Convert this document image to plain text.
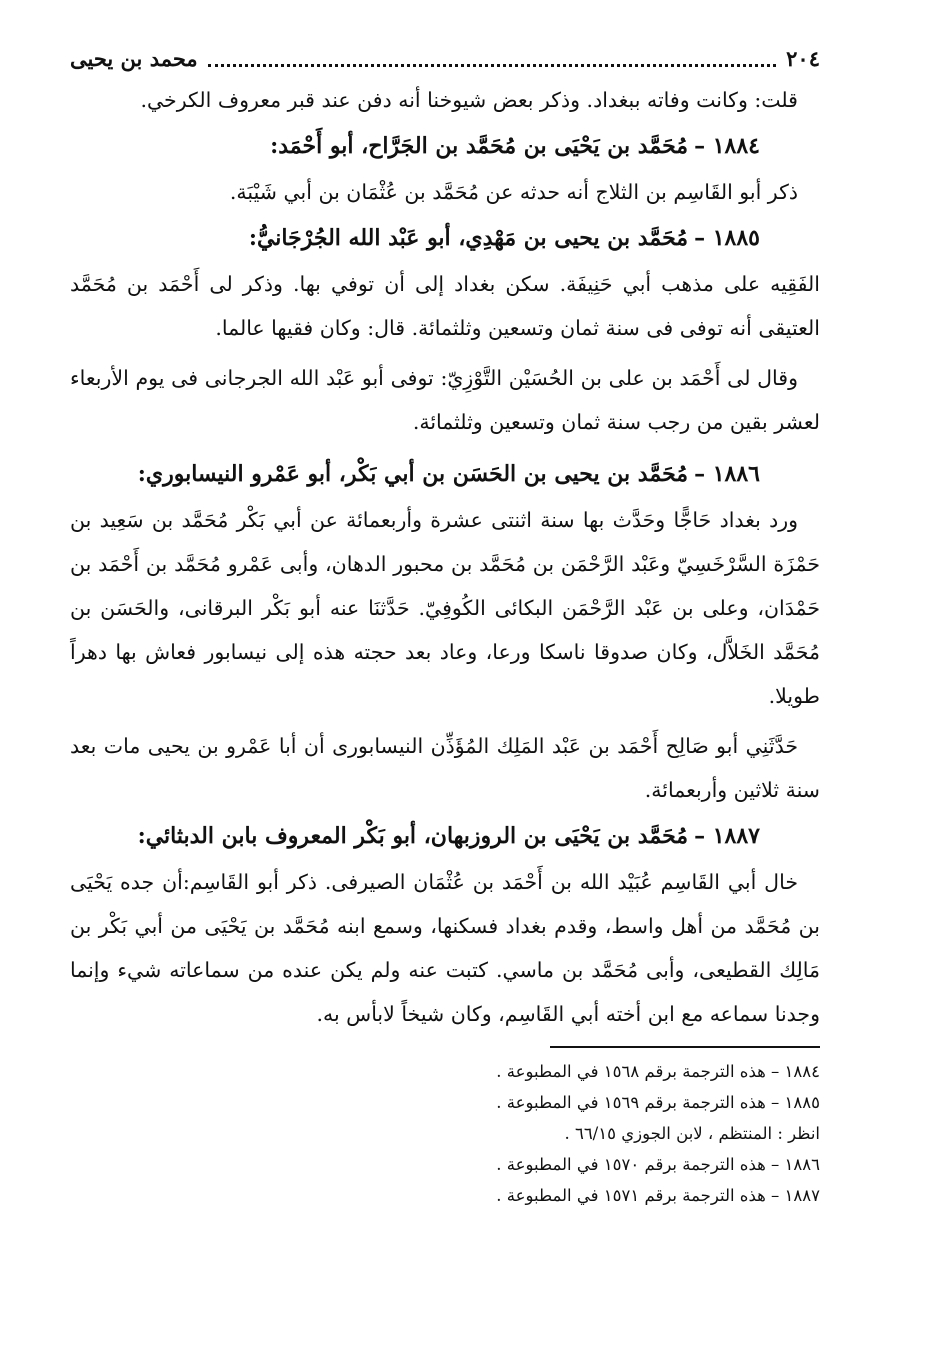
٢٠٤
محمد بن يحيى

قلت: وكانت وفاته ببغداد. وذكر بعض شيوخنا أنه دفن عند قبر معروف الكرخي.

١٨٨٤ –مُحَمَّد بن يَحْيَى بن مُحَمَّد بن الجَرَّاح، أبو أَحْمَد:

ذكر أبو القَاسِم بن الثلاج أنه حدثه عن مُحَمَّد بن عُثْمَان بن أبي شَيْبَة.

١٨٨٥ –مُحَمَّد بن يحيى بن مَهْدِي، أبو عَبْد الله الجُرْجَانيُّ:

الفَقِيه على مذهب أبي حَنِيفَة. سكن بغداد إلى أن توفي بها. وذكر لى أَحْمَد بن مُحَمَّد العتيقى أنه توفى فى سنة ثمان وتسعين وثلثمائة. قال: وكان فقيها عالما.

وقال لى أَحْمَد بن على بن الحُسَيْن التَّوْزِيّ: توفى أبو عَبْد الله الجرجانى فى يوم الأربعاء لعشر بقين من رجب سنة ثمان وتسعين وثلثمائة.

١٨٨٦ –مُحَمَّد بن يحيى بن الحَسَن بن أبي بَكْر، أبو عَمْرو النيسابوري:

ورد بغداد حَاجًّا وحَدَّث بها سنة اثنتى عشرة وأربعمائة عن أبي بَكْر مُحَمَّد بن سَعِيد بن حَمْزَة السَّرْخَسِيّ وعَبْد الرَّحْمَن بن مُحَمَّد بن محبور الدهان، وأبى عَمْرو مُحَمَّد بن أَحْمَد بن حَمْدَان، وعلى بن عَبْد الرَّحْمَن البكائى الكُوفِيّ. حَدَّثنَا عنه أبو بَكْر البرقانى، والحَسَن بن مُحَمَّد الخَلاَّل، وكان صدوقا ناسكا ورعا، وعاد بعد حجته هذه إلى نيسابور فعاش بها دهراً طويلا.

حَدَّثَنِي أبو صَالِح أَحْمَد بن عَبْد المَلِك المُؤَذِّن النيسابورى أن أبا عَمْرو بن يحيى مات بعد سنة ثلاثين وأربعمائة.

١٨٨٧ –مُحَمَّد بن يَحْيَى بن الروزبهان، أبو بَكْر المعروف بابن الدبثائي:

خال أبي القَاسِم عُبَيْد الله بن أَحْمَد بن عُثْمَان الصيرفى. ذكر أبو القَاسِم:أن جده يَحْيَى بن مُحَمَّد من أهل واسط، وقدم بغداد فسكنها، وسمع ابنه مُحَمَّد بن يَحْيَى من أبي بَكْر بن مَالِك القطيعى، وأبى مُحَمَّد بن ماسي. كتبت عنه ولم يكن عنده من سماعاته شيء وإنما وجدنا سماعه مع ابن أخته أبي القَاسِم، وكان شيخاً لابأس به.

١٨٨٤ – هذه الترجمة برقم ١٥٦٨ في المطبوعة .

١٨٨٥ – هذه الترجمة برقم ١٥٦٩ في المطبوعة .

انظر : المنتظم ، لابن الجوزي ٦٦/١٥ .

١٨٨٦ – هذه الترجمة برقم ١٥٧٠ في المطبوعة .

١٨٨٧ – هذه الترجمة برقم ١٥٧١ في المطبوعة .
